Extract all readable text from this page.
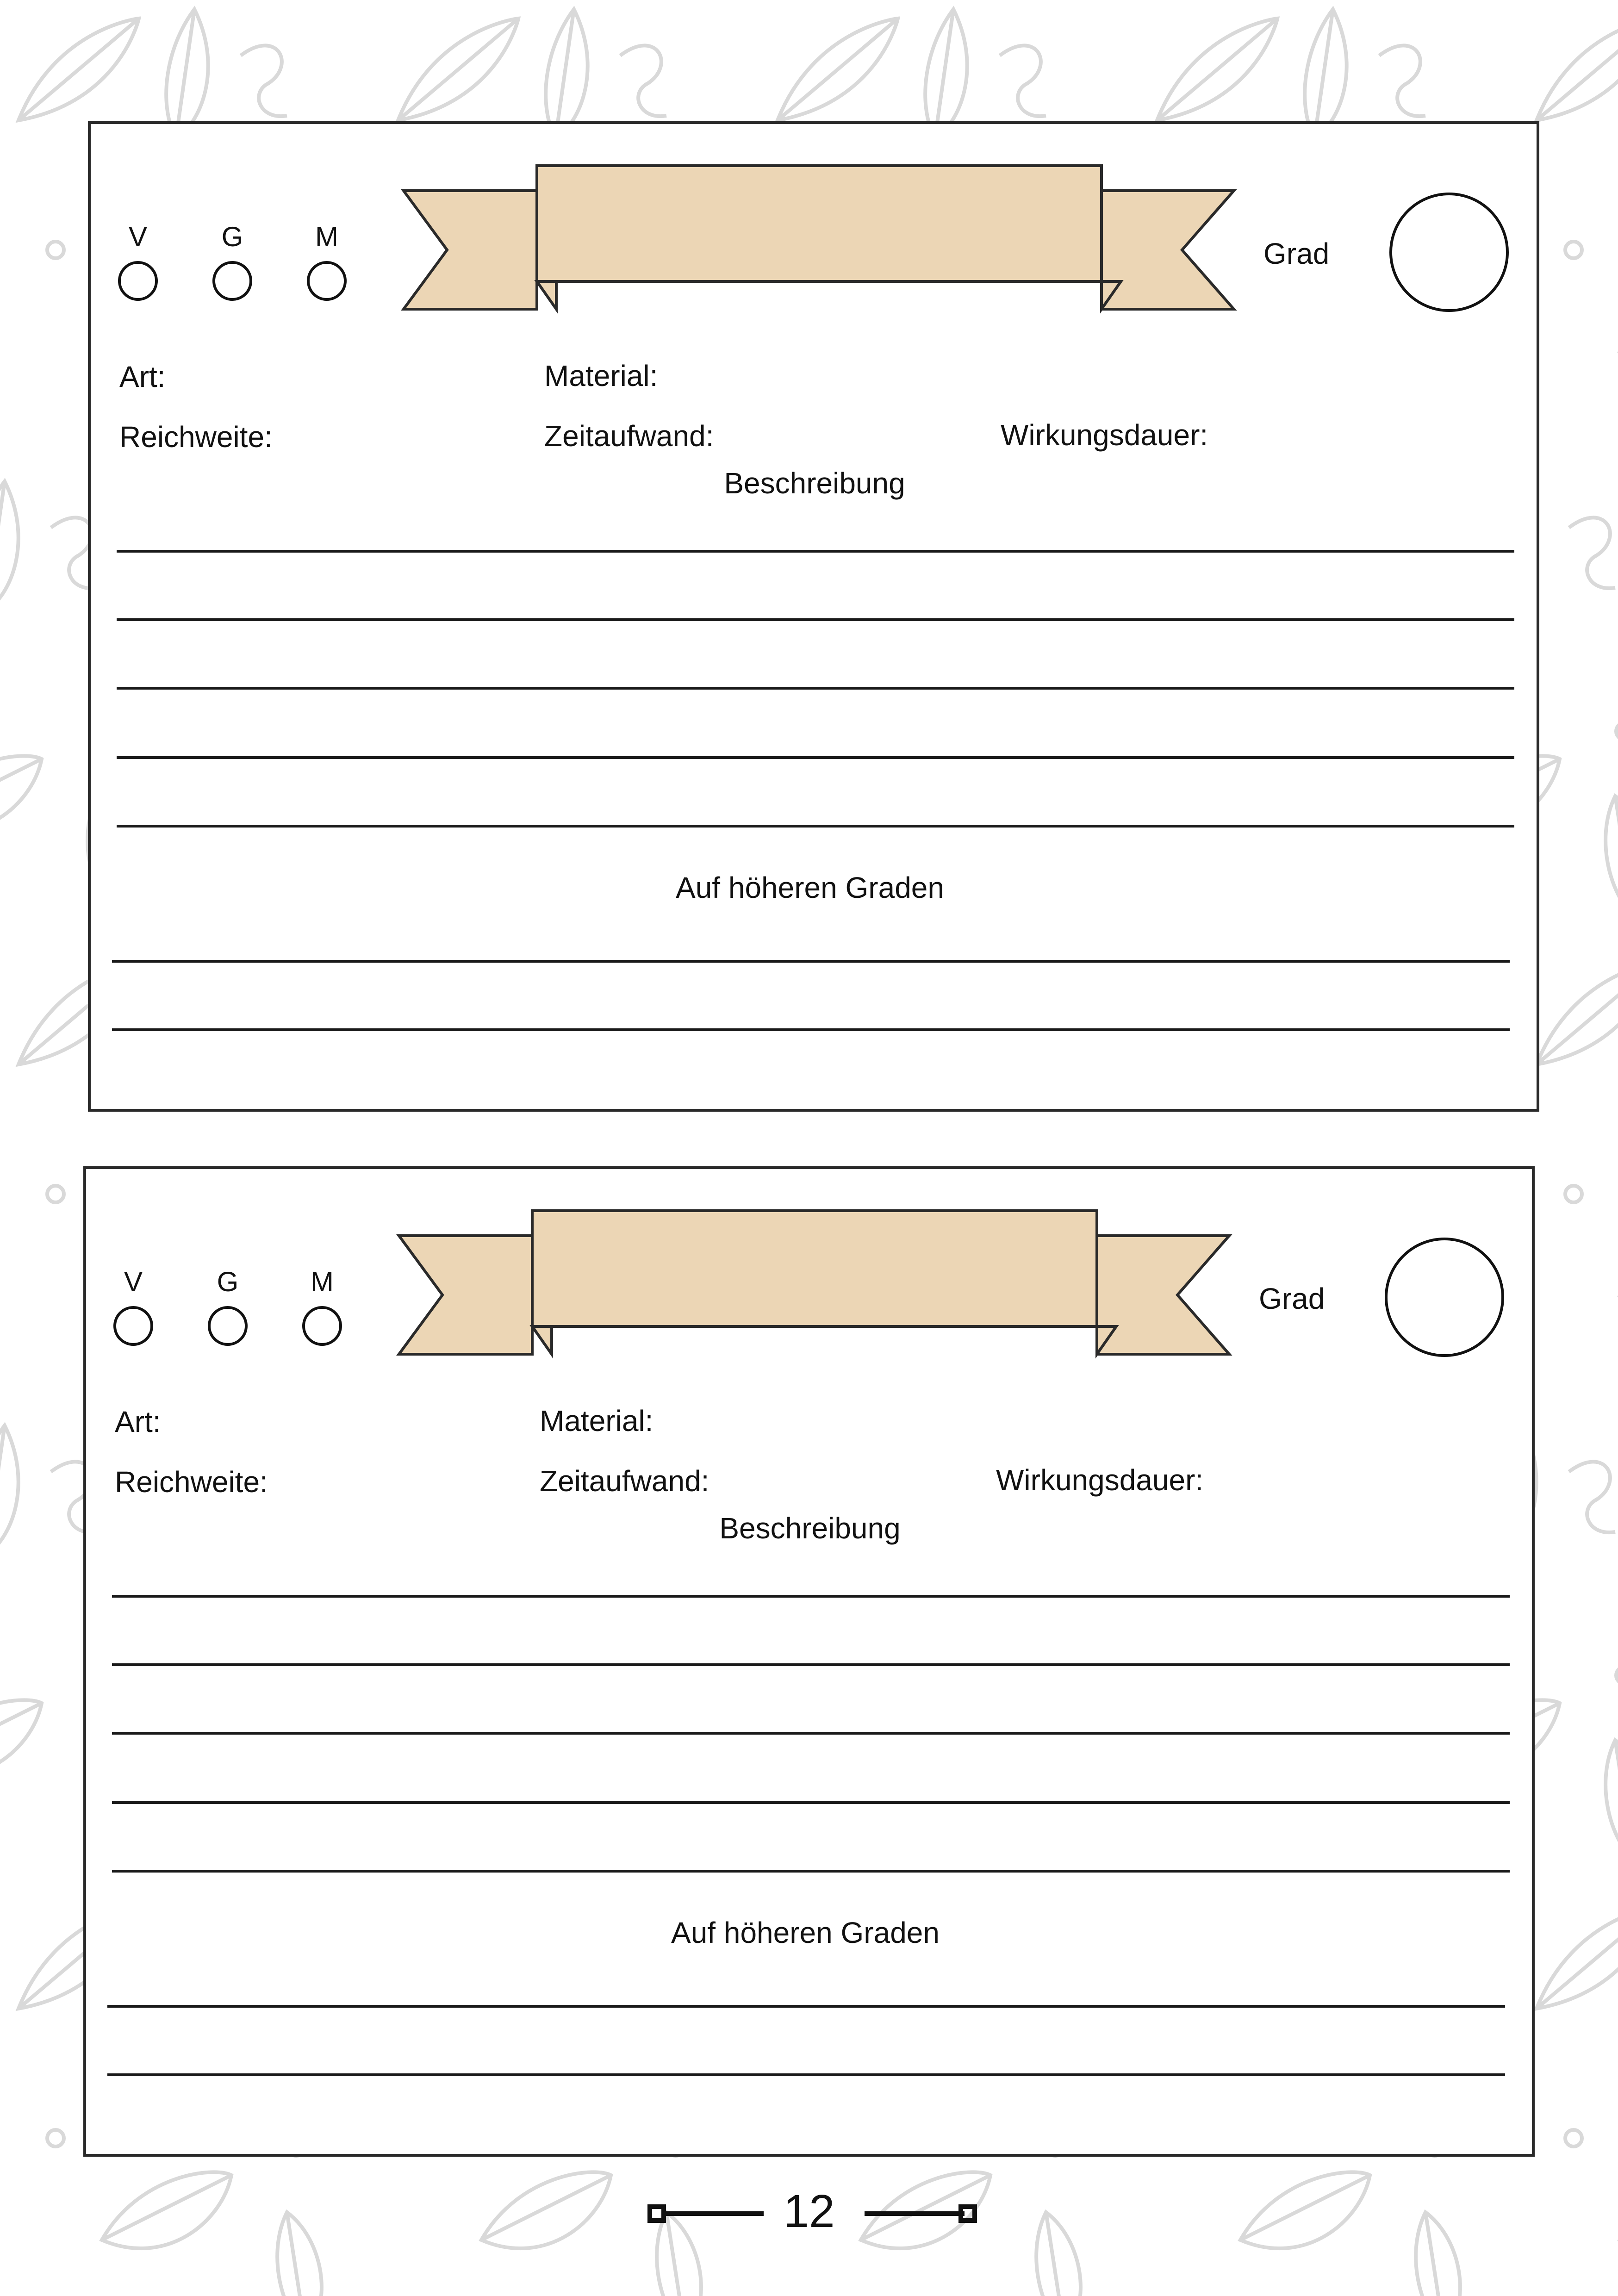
V	G	M
Grad
Art:	Material:
Reichweite:	Zeitaufwand:	Wirkungsdauer:
Beschreibung
Auf höheren Graden
V	G	M
Grad
Art:	Material:
Reichweite:	Zeitaufwand:	Wirkungsdauer:
Beschreibung
Auf höheren Graden
12
